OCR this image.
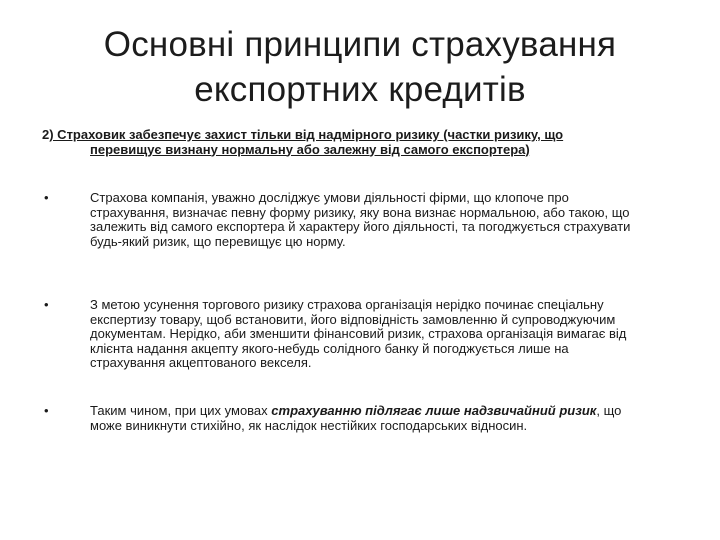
Основні принципи страхування
експортних кредитів
2) Страховик забезпечує захист тільки від надмірного ризику (частки ризику, що
перевищує визнану нормальну або залежну від самого експортера)
•	Страхова компанія, уважно досліджує умови діяльності фірми, що клопоче про
страхування, визначає певну форму ризику, яку вона визнає нормальною, або такою, що
залежить від самого експортера й характеру його діяльності, та погоджується страхувати
будь-який ризик, що перевищує цю норму.
•	З метою усунення торгового ризику страхова організація нерідко починає спеціальну
експертизу товару, щоб встановити, його відповідність замовленню й супроводжуючим
документам. Нерідко, аби зменшити фінансовий ризик, страхова організація вимагає від
клієнта надання акцепту якого-небудь солідного банку й погоджується лише на
страхування акцептованого векселя.
•	Таким чином, при цих умовах страхуванню підлягає лише надзвичайний ризик, що
може виникнути стихійно, як наслідок нестійких господарських відносин.
